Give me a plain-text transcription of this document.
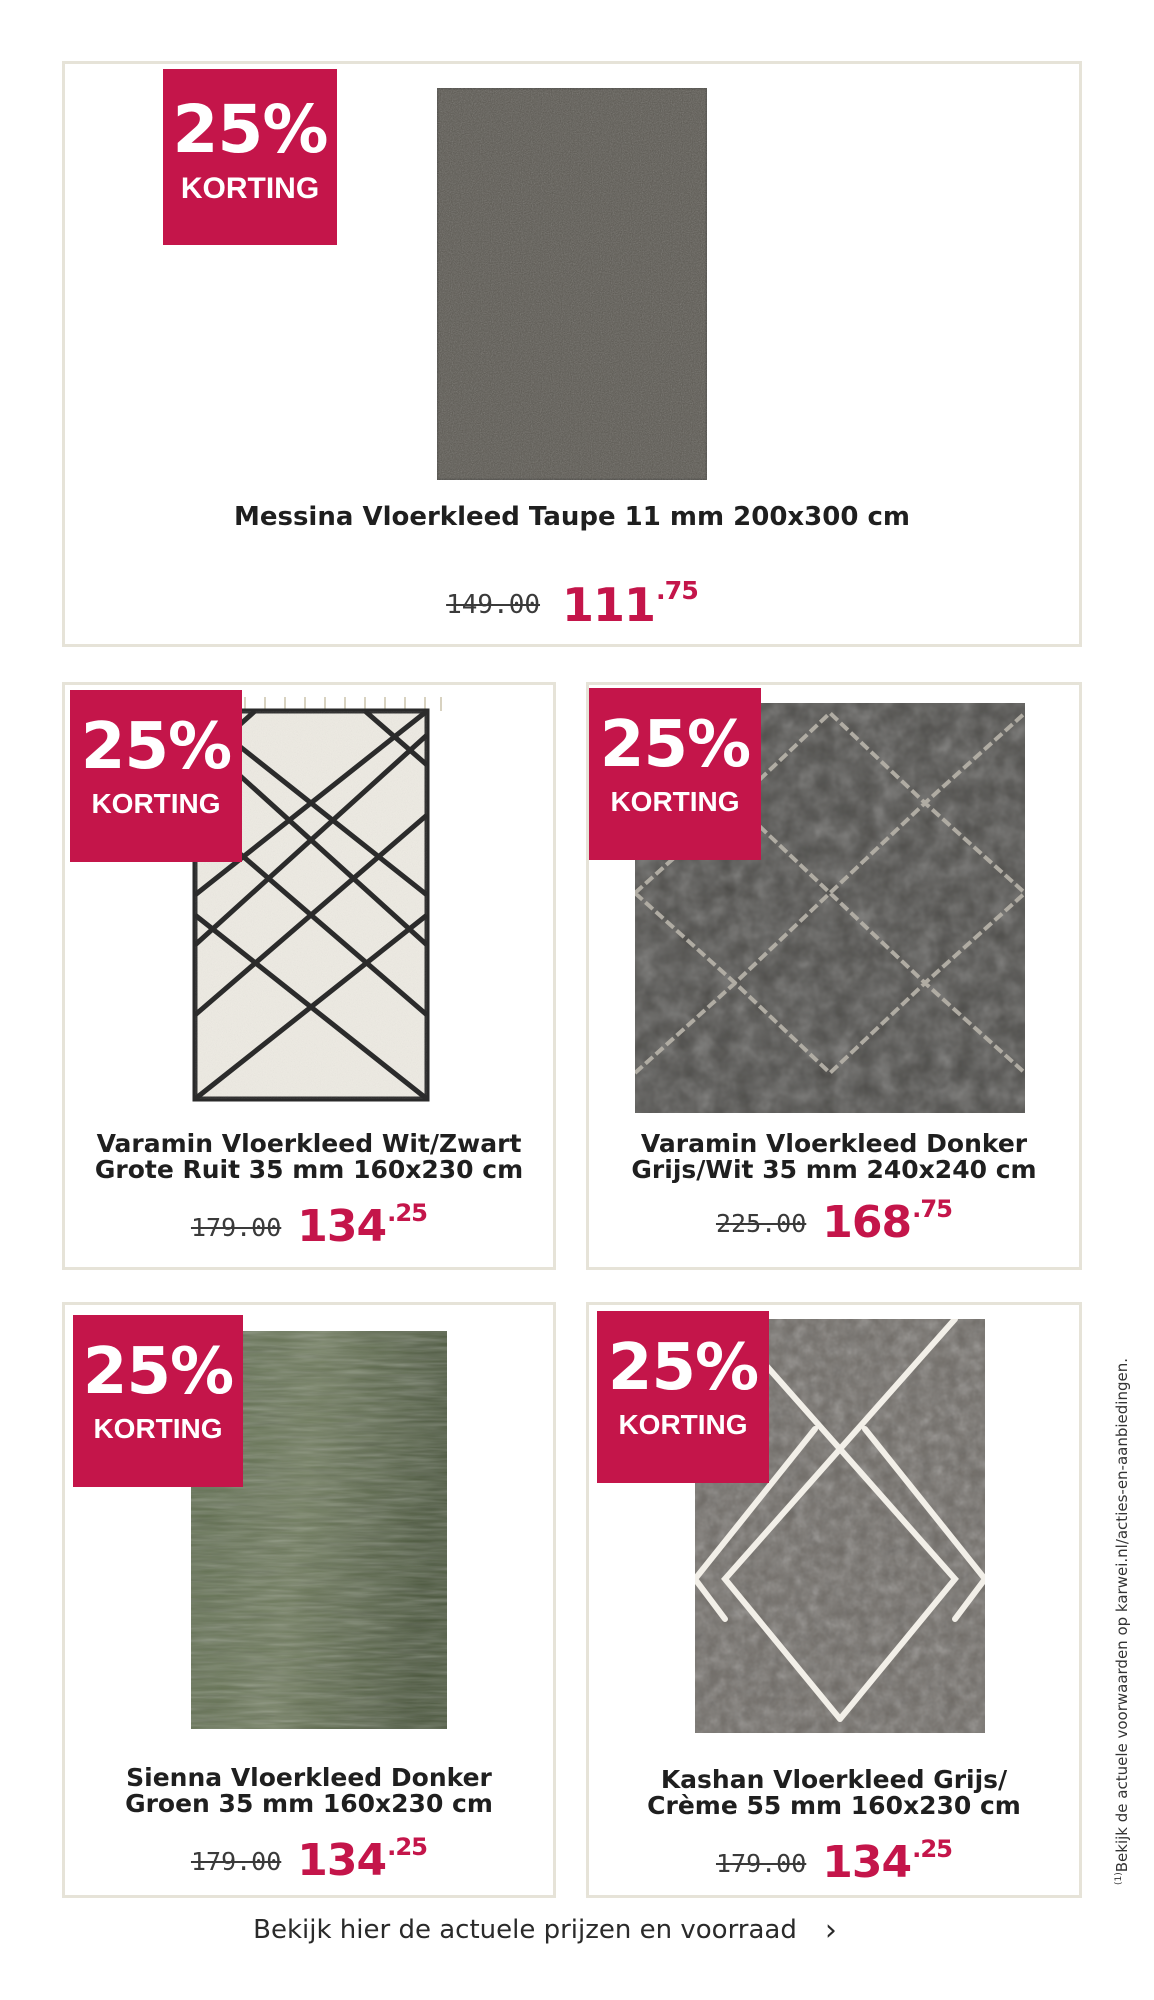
25%
KORTING
Messina Vloerkleed Taupe 11 mm 200x300 cm
149.00 $111^{.75}$
25%
KORTING
Varamin Vloerkleed Wit/Zwart
Grote Ruit 35 mm 160x230 cm
179.00 $134^{.25}$
25%
KORTING
Varamin Vloerkleed Donker
Grijs/Wit 35 mm 240x240 cm
225.00 $168^{.75}$
25%
KORTING
Sienna Vloerkleed Donker
Groen 35 mm 160x230 cm
179.00 $134^{.25}$
25%
KORTING
Kashan Vloerkleed Grijs/
Crème 55 mm 160x230 cm
179.00 $134^{.25}$
Bekijk hier de actuele prijzen en voorraad ›
$^{(1)}$Bekijk de actuele voorwaarden op karwei.nl/acties-en-aanbiedingen.
